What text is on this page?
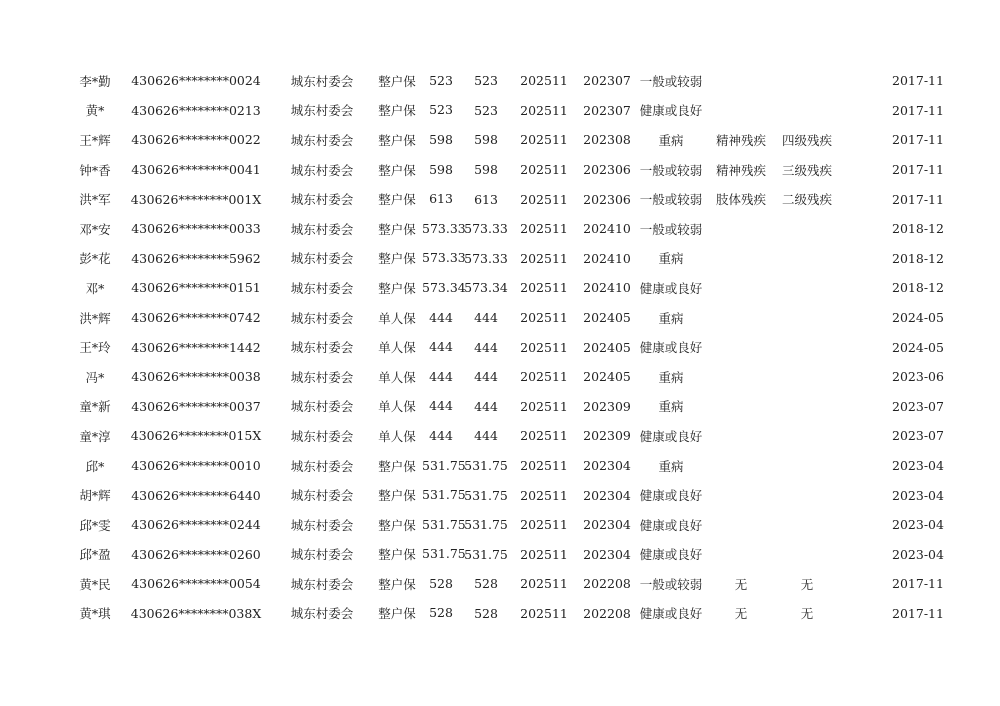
李*勤	430626********0024	城东村委会	整户保	523	523	202511	202307	一般或较弱				2017-11
黄*	430626********0213	城东村委会	整户保	523	523	202511	202307	健康或良好				2017-11
王*辉	430626********0022	城东村委会	整户保	598	598	202511	202308	重病	精神残疾	四级残疾		2017-11
钟*香	430626********0041	城东村委会	整户保	598	598	202511	202306	一般或较弱	精神残疾	三级残疾		2017-11
洪*军	430626********001X	城东村委会	整户保	613	613	202511	202306	一般或较弱	肢体残疾	二级残疾		2017-11
邓*安	430626********0033	城东村委会	整户保	573.33	573.33	202511	202410	一般或较弱				2018-12
彭*花	430626********5962	城东村委会	整户保	573.33	573.33	202511	202410	重病				2018-12
邓*	430626********0151	城东村委会	整户保	573.34	573.34	202511	202410	健康或良好				2018-12
洪*辉	430626********0742	城东村委会	单人保	444	444	202511	202405	重病				2024-05
王*玲	430626********1442	城东村委会	单人保	444	444	202511	202405	健康或良好				2024-05
冯*	430626********0038	城东村委会	单人保	444	444	202511	202405	重病				2023-06
童*新	430626********0037	城东村委会	单人保	444	444	202511	202309	重病				2023-07
童*淳	430626********015X	城东村委会	单人保	444	444	202511	202309	健康或良好				2023-07
邱*	430626********0010	城东村委会	整户保	531.75	531.75	202511	202304	重病				2023-04
胡*辉	430626********6440	城东村委会	整户保	531.75	531.75	202511	202304	健康或良好				2023-04
邱*雯	430626********0244	城东村委会	整户保	531.75	531.75	202511	202304	健康或良好				2023-04
邱*盈	430626********0260	城东村委会	整户保	531.75	531.75	202511	202304	健康或良好				2023-04
黄*民	430626********0054	城东村委会	整户保	528	528	202511	202208	一般或较弱	无	无		2017-11
黄*琪	430626********038X	城东村委会	整户保	528	528	202511	202208	健康或良好	无	无		2017-11
